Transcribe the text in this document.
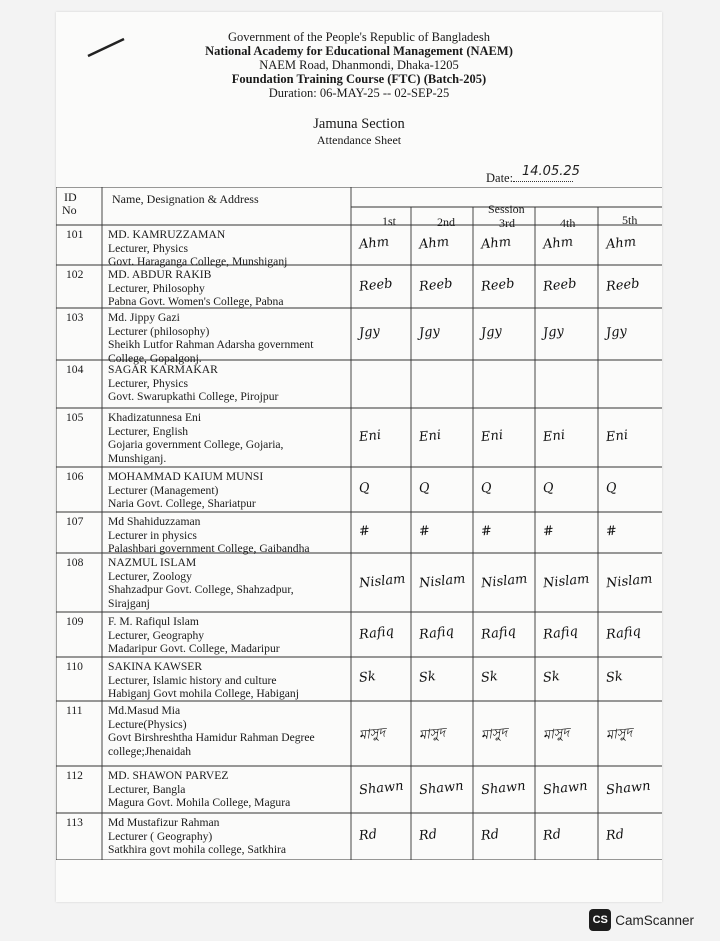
Government of the People's Republic of Bangladesh
National Academy for Educational Management (NAEM)
NAEM Road, Dhanmondi, Dhaka-1205
Foundation Training Course (FTC) (Batch-205)
Duration: 06-MAY-25 -- 02-SEP-25
Jamuna Section
Attendance Sheet
Date: 14.05.25
ID
No
Name, Designation & Address
Session
1st	2nd	3rd	4th	5th
101 MD. KAMRUZZAMAN
Lecturer, Physics
Govt. Haraganga College, Munshiganj
Ahm Ahm Ahm Ahm Ahm
102 MD. ABDUR RAKIB
Lecturer, Philosophy
Pabna Govt. Women's College, Pabna
Reeb Reeb Reeb Reeb Reeb
103 Md. Jippy Gazi
Lecturer (philosophy)
Sheikh Lutfor Rahman Adarsha government
College, Gopalgonj.
Jgy	Jgy	Jgy	Jgy	Jgy
104 SAGAR KARMAKAR
Lecturer, Physics
Govt. Swarupkathi College, Pirojpur
105 Khadizatunnesa Eni
Lecturer, English
Gojaria government College, Gojaria,
Munshiganj.
Eni	Eni	Eni	Eni	Eni
106 MOHAMMAD KAIUM MUNSI
Lecturer (Management)
Naria Govt. College, Shariatpur
Q	Q	Q	Q	Q
107 Md Shahiduzzaman
Lecturer in physics
Palashbari government College, Gaibandha
#	#	#	#	#
108 NAZMUL ISLAM
Lecturer, Zoology
Shahzadpur Govt. College, Shahzadpur,
Sirajganj
Nislam Nislam Nislam Nislam Nislam
109 F. M. Rafiqul Islam
Lecturer, Geography
Madaripur Govt. College, Madaripur
Rafiq Rafiq Rafiq Rafiq Rafiq
110 SAKINA KAWSER
Lecturer, Islamic history and culture
Habiganj Govt mohila College, Habiganj
Sk	Sk	Sk	Sk	Sk
111 Md.Masud Mia
Lecture(Physics)
Govt Birshreshtha Hamidur Rahman Degree
college;Jhenaidah
মাসুদ মাসুদ	মাসুদ	মাসুদ	মাসুদ
112 MD. SHAWON PARVEZ
Lecturer, Bangla
Magura Govt. Mohila College, Magura
Shawn Shawn Shawn Shawn Shawn
113 Md Mustafizur Rahman
Lecturer ( Geography)
Satkhira govt mohila college, Satkhira
Rd	Rd	Rd	Rd	Rd
CS CamScanner
